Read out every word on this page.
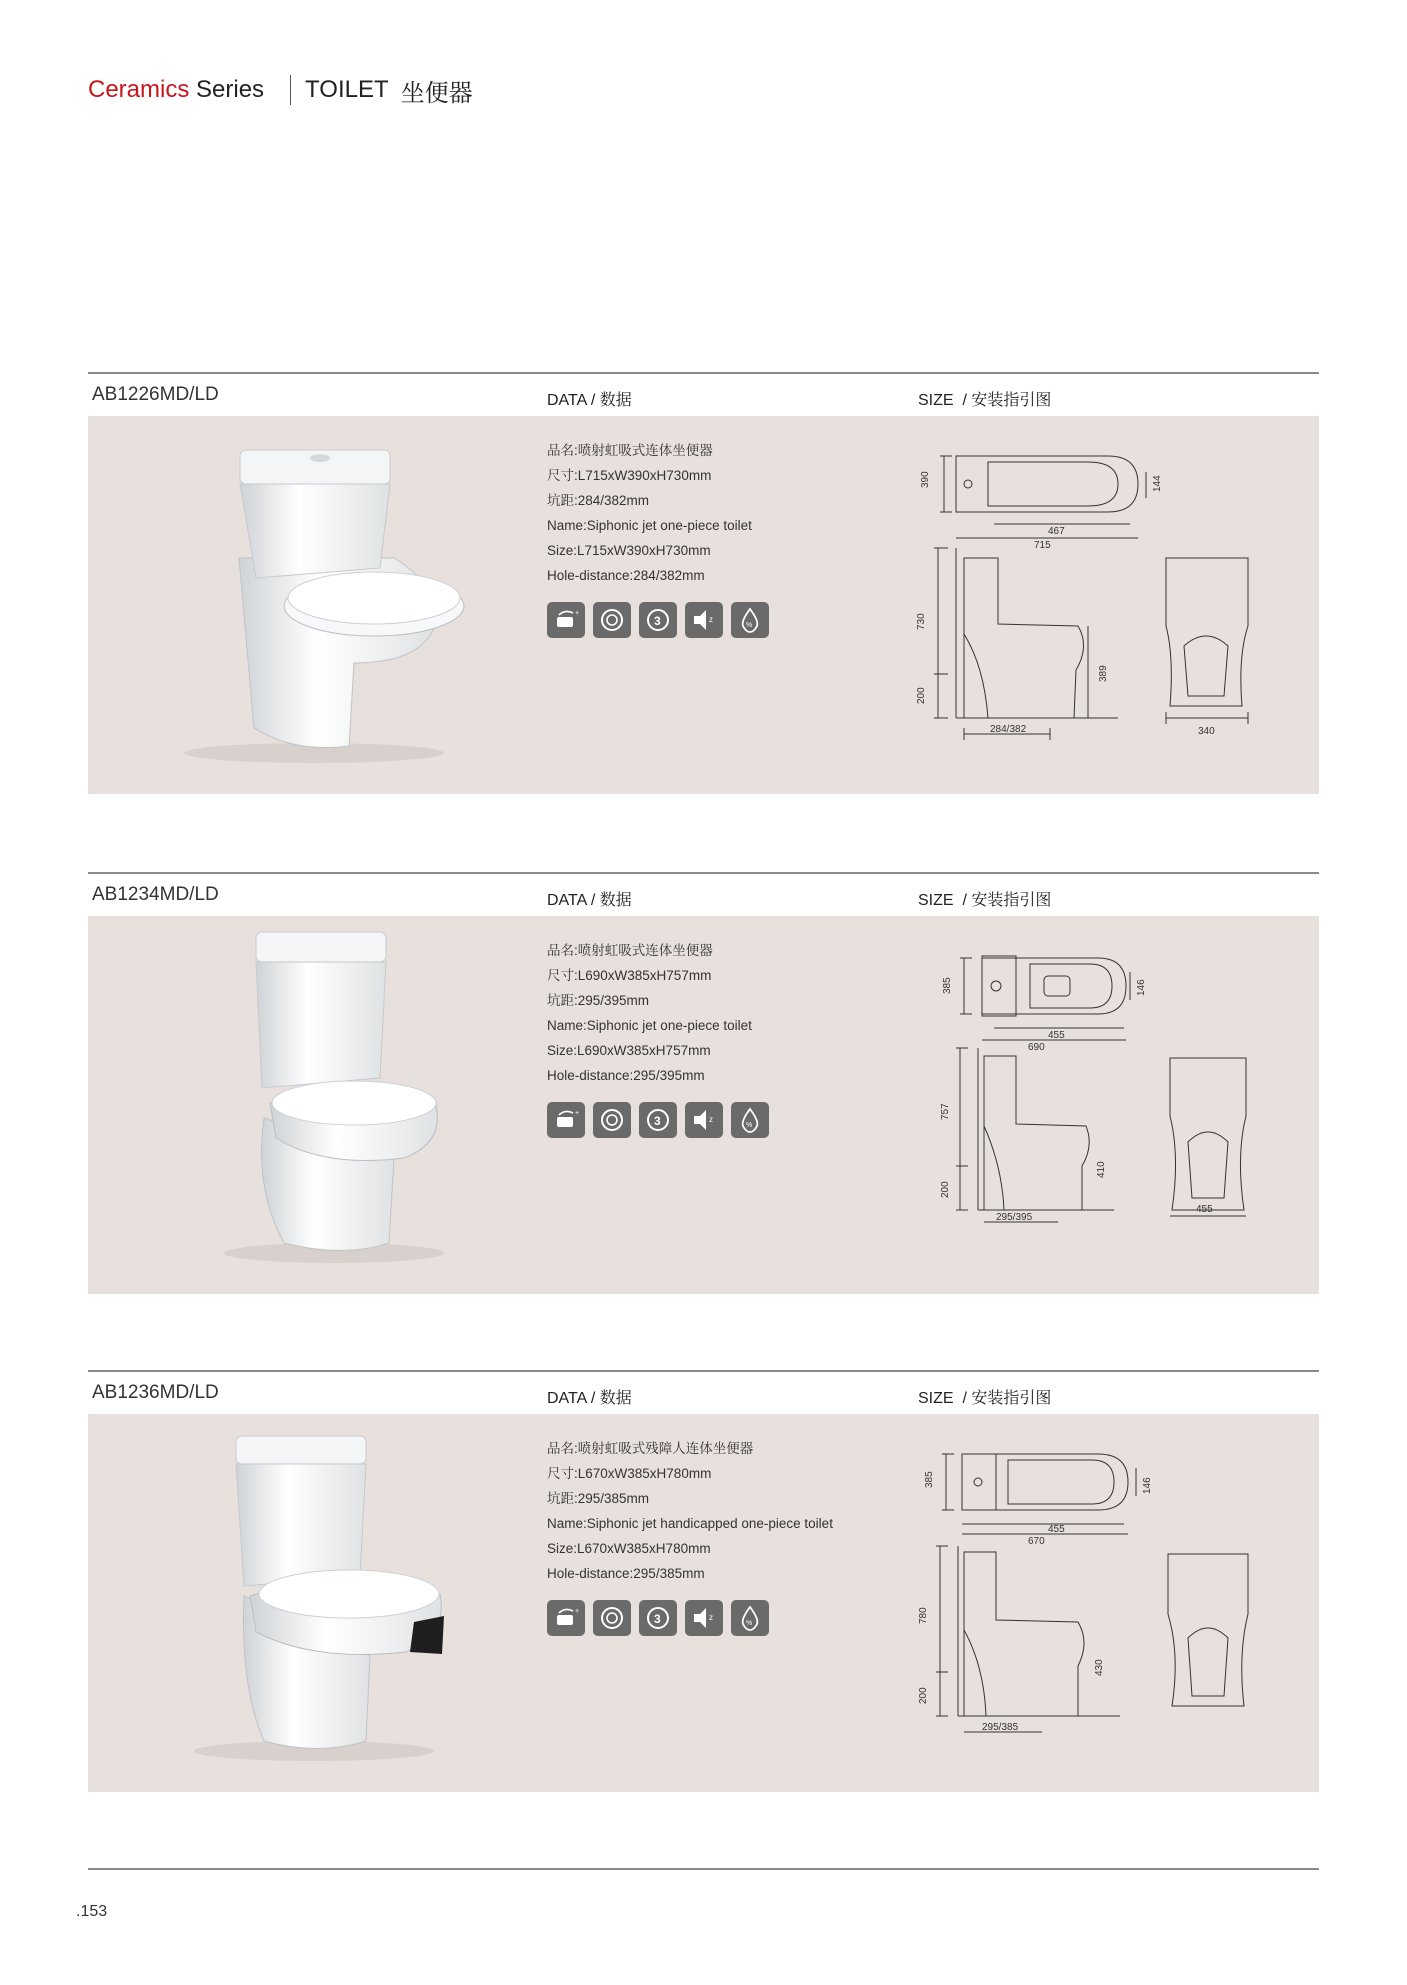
Ceramics Series TOILET 坐便器
AB1226MD/LD	DATA / 数据	SIZE / 安装指引图
品名:喷射虹吸式连体坐便器
尺寸:L715xW390xH730mm
坑距:284/382mm
Name:Siphonic jet one-piece toilet
Size:L715xW390xH730mm
Hole-distance:284/382mm
+
3	z
%
390	144
467
715
730
200
284/382
389
340
AB1234MD/LD	DATA / 数据	SIZE / 安装指引图
品名:喷射虹吸式连体坐便器
尺寸:L690xW385xH757mm
坑距:295/395mm
Name:Siphonic jet one-piece toilet
Size:L690xW385xH757mm
Hole-distance:295/395mm
+
3	z
%
385	146
455
690
757
200
295/395
410
455
AB1236MD/LD	DATA / 数据	SIZE / 安装指引图
品名:喷射虹吸式残障人连体坐便器
尺寸:L670xW385xH780mm
坑距:295/385mm
Name:Siphonic jet handicapped one-piece toilet
Size:L670xW385xH780mm
Hole-distance:295/385mm
+
3	z
%
385	146
455
670
780
200
295/385
430
.153
